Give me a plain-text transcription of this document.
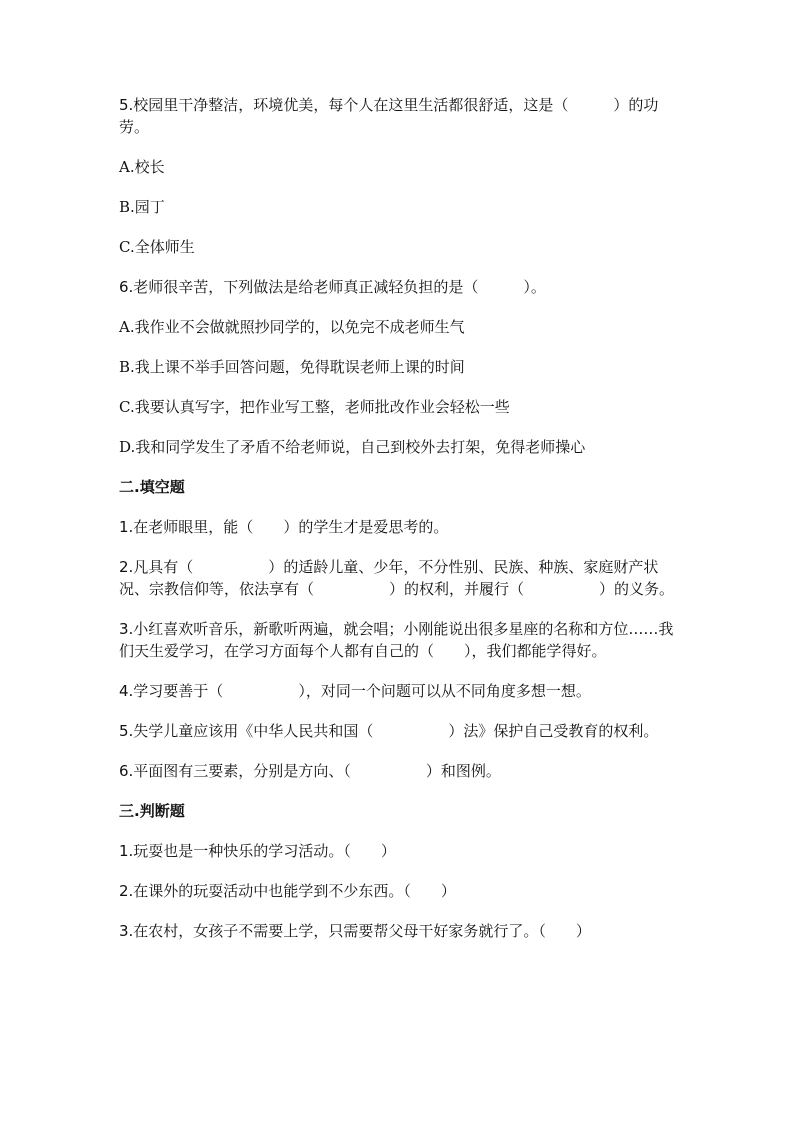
5.校园里干净整洁，环境优美，每个人在这里生活都很舒适，这是（　　　）的功劳。

A.校长

B.园丁

C.全体师生

6.老师很辛苦，下列做法是给老师真正减轻负担的是（　　　）。

A.我作业不会做就照抄同学的，以免完不成老师生气

B.我上课不举手回答问题，免得耽误老师上课的时间

C.我要认真写字，把作业写工整，老师批改作业会轻松一些

D.我和同学发生了矛盾不给老师说，自己到校外去打架，免得老师操心

二.填空题

1.在老师眼里，能（　　）的学生才是爱思考的。

2.凡具有（　　　　　）的适龄儿童、少年，不分性别、民族、种族、家庭财产状况、宗教信仰等，依法享有（　　　　　）的权利，并履行（　　　　　）的义务。

3.小红喜欢听音乐，新歌听两遍，就会唱；小刚能说出很多星座的名称和方位……我们天生爱学习，在学习方面每个人都有自己的（　　），我们都能学得好。

4.学习要善于（　　　　　），对同一个问题可以从不同角度多想一想。

5.失学儿童应该用《中华人民共和国（　　　　　）法》保护自己受教育的权利。

6.平面图有三要素，分别是方向、（　　　　　）和图例。

三.判断题

1.玩耍也是一种快乐的学习活动。（　　）

2.在课外的玩耍活动中也能学到不少东西。（　　）

3.在农村，女孩子不需要上学，只需要帮父母干好家务就行了。（　　）
